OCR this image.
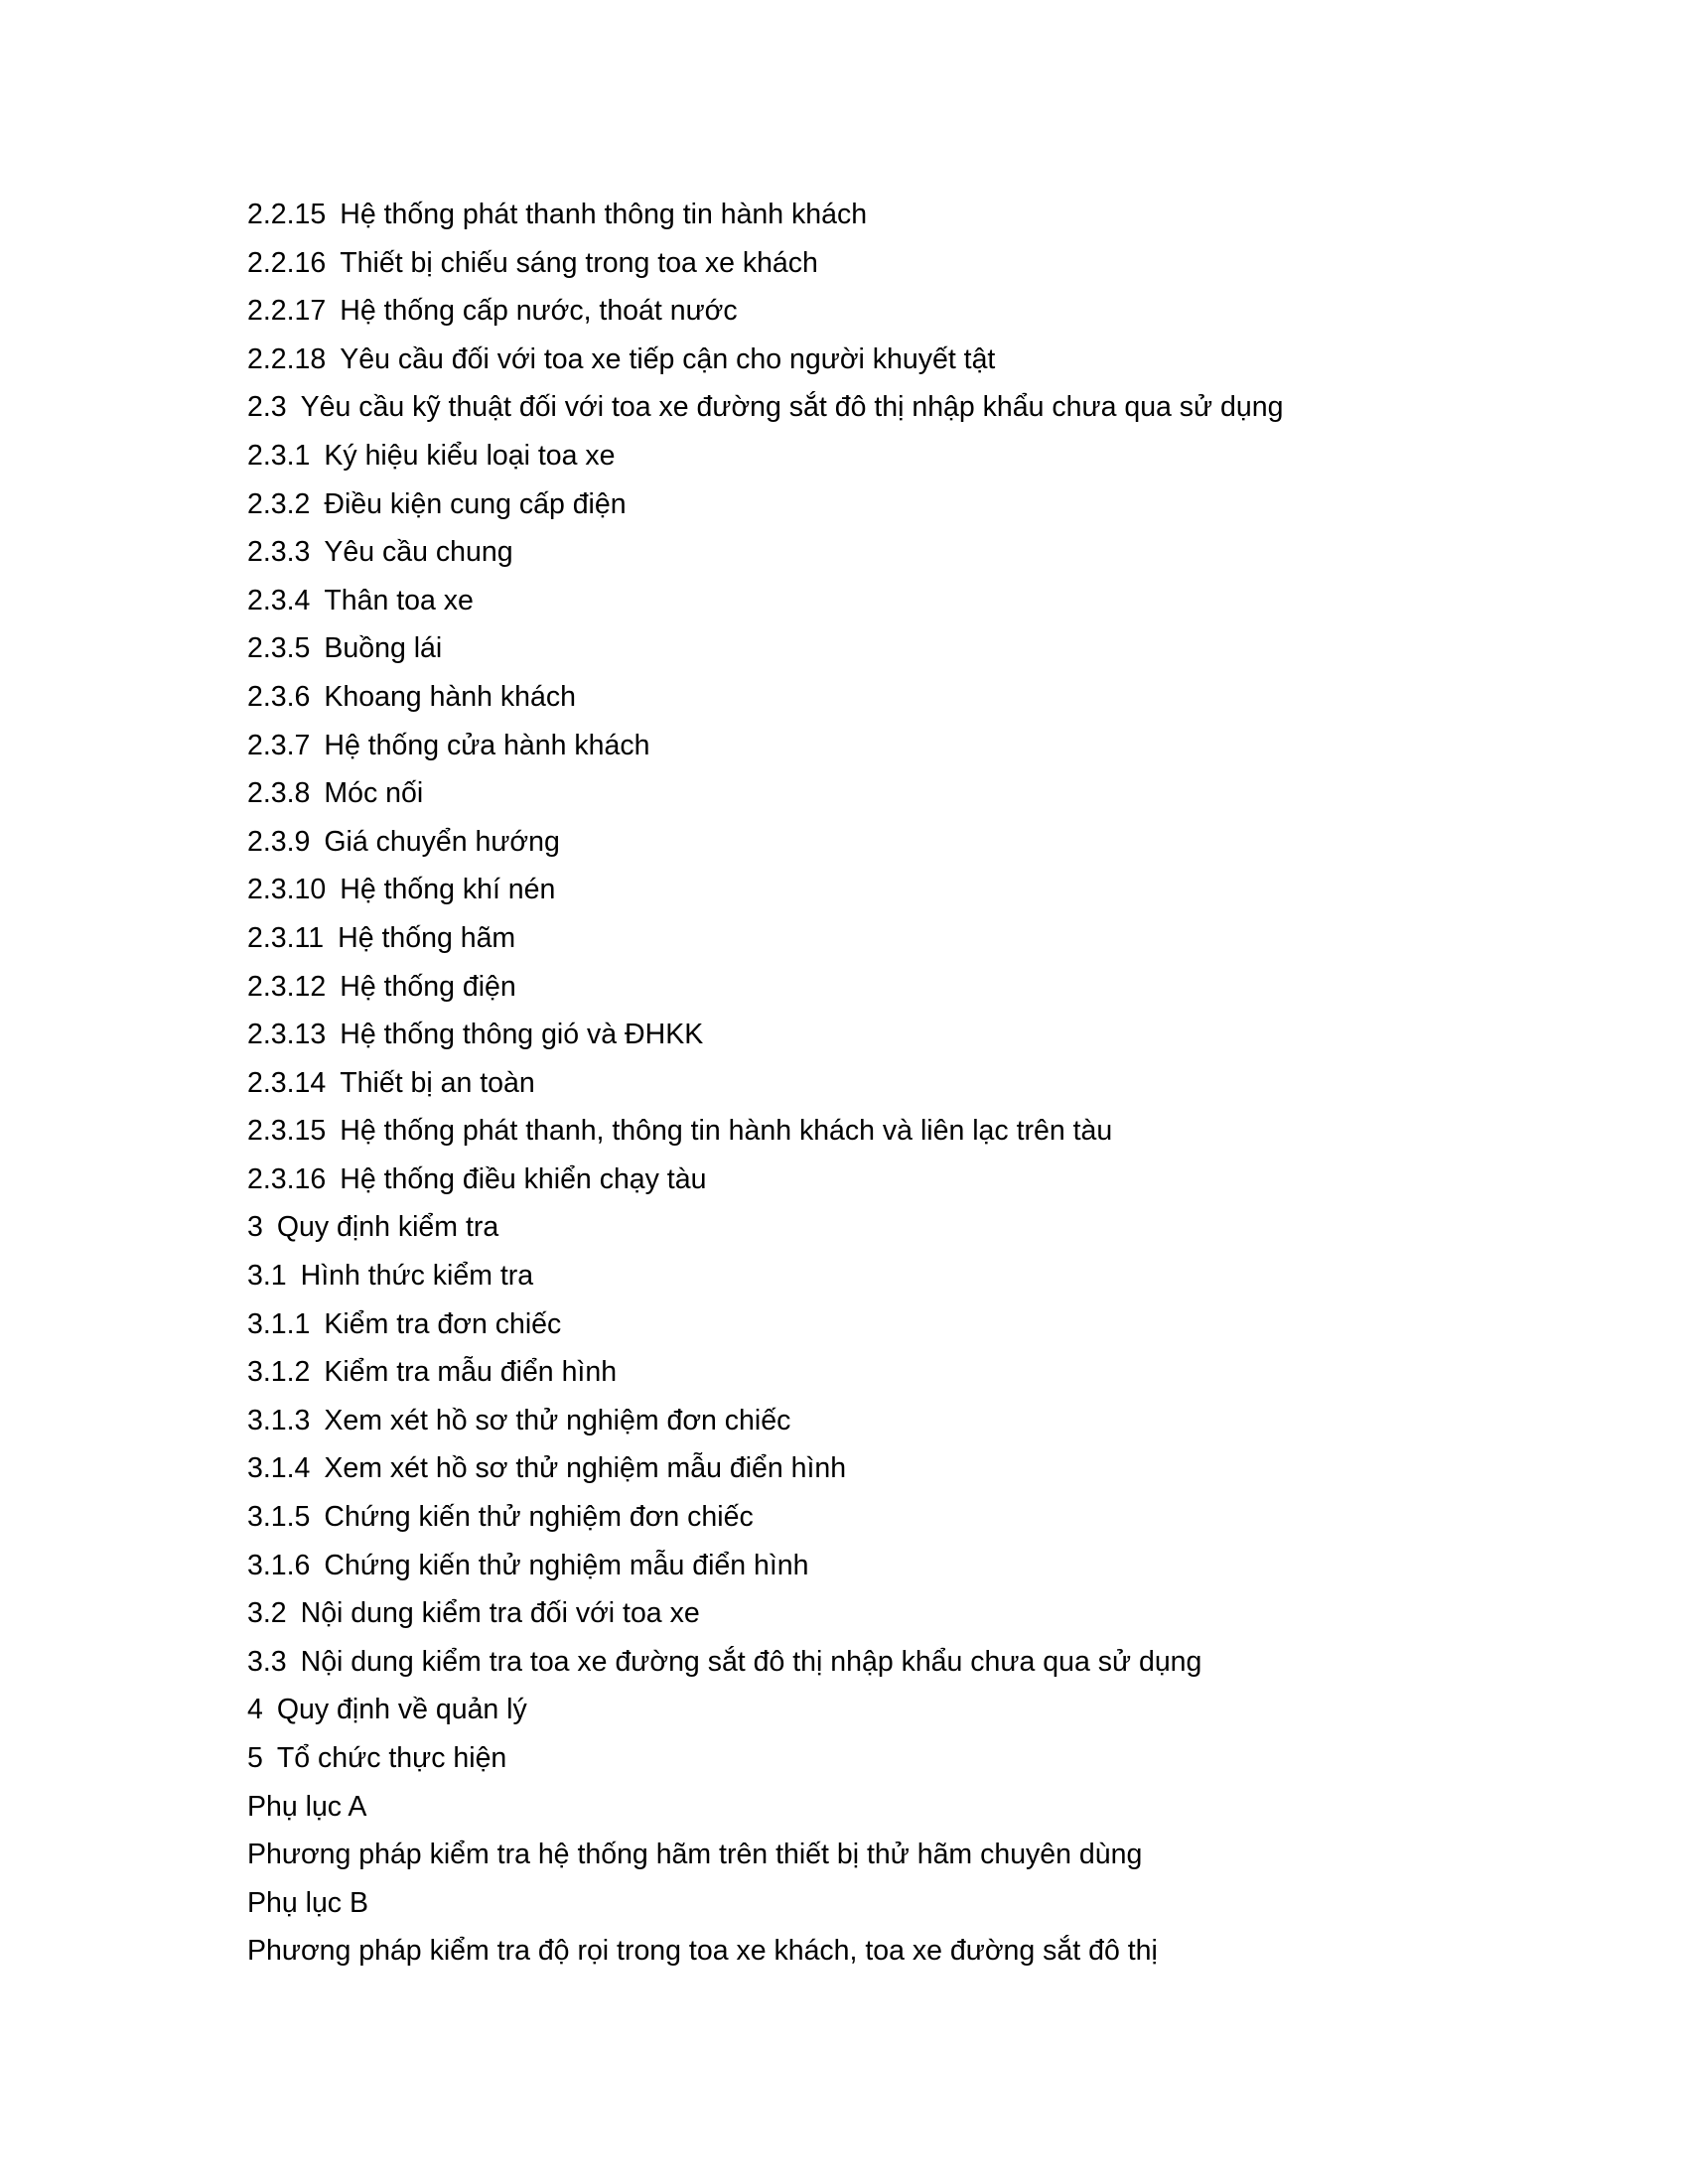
2.2.15 Hệ thống phát thanh thông tin hành khách
2.2.16 Thiết bị chiếu sáng trong toa xe khách
2.2.17 Hệ thống cấp nước, thoát nước
2.2.18 Yêu cầu đối với toa xe tiếp cận cho người khuyết tật
2.3 Yêu cầu kỹ thuật đối với toa xe đường sắt đô thị nhập khẩu chưa qua sử dụng
2.3.1 Ký hiệu kiểu loại toa xe
2.3.2 Điều kiện cung cấp điện
2.3.3 Yêu cầu chung
2.3.4 Thân toa xe
2.3.5 Buồng lái
2.3.6 Khoang hành khách
2.3.7 Hệ thống cửa hành khách
2.3.8 Móc nối
2.3.9 Giá chuyển hướng
2.3.10 Hệ thống khí nén
2.3.11 Hệ thống hãm
2.3.12 Hệ thống điện
2.3.13 Hệ thống thông gió và ĐHKK
2.3.14 Thiết bị an toàn
2.3.15 Hệ thống phát thanh, thông tin hành khách và liên lạc trên tàu
2.3.16 Hệ thống điều khiển chạy tàu
3 Quy định kiểm tra
3.1 Hình thức kiểm tra
3.1.1 Kiểm tra đơn chiếc
3.1.2 Kiểm tra mẫu điển hình
3.1.3 Xem xét hồ sơ thử nghiệm đơn chiếc
3.1.4 Xem xét hồ sơ thử nghiệm mẫu điển hình
3.1.5 Chứng kiến thử nghiệm đơn chiếc
3.1.6 Chứng kiến thử nghiệm mẫu điển hình
3.2 Nội dung kiểm tra đối với toa xe
3.3 Nội dung kiểm tra toa xe đường sắt đô thị nhập khẩu chưa qua sử dụng
4 Quy định về quản lý
5 Tổ chức thực hiện
Phụ lục A
Phương pháp kiểm tra hệ thống hãm trên thiết bị thử hãm chuyên dùng
Phụ lục B
Phương pháp kiểm tra độ rọi trong toa xe khách, toa xe đường sắt đô thị
